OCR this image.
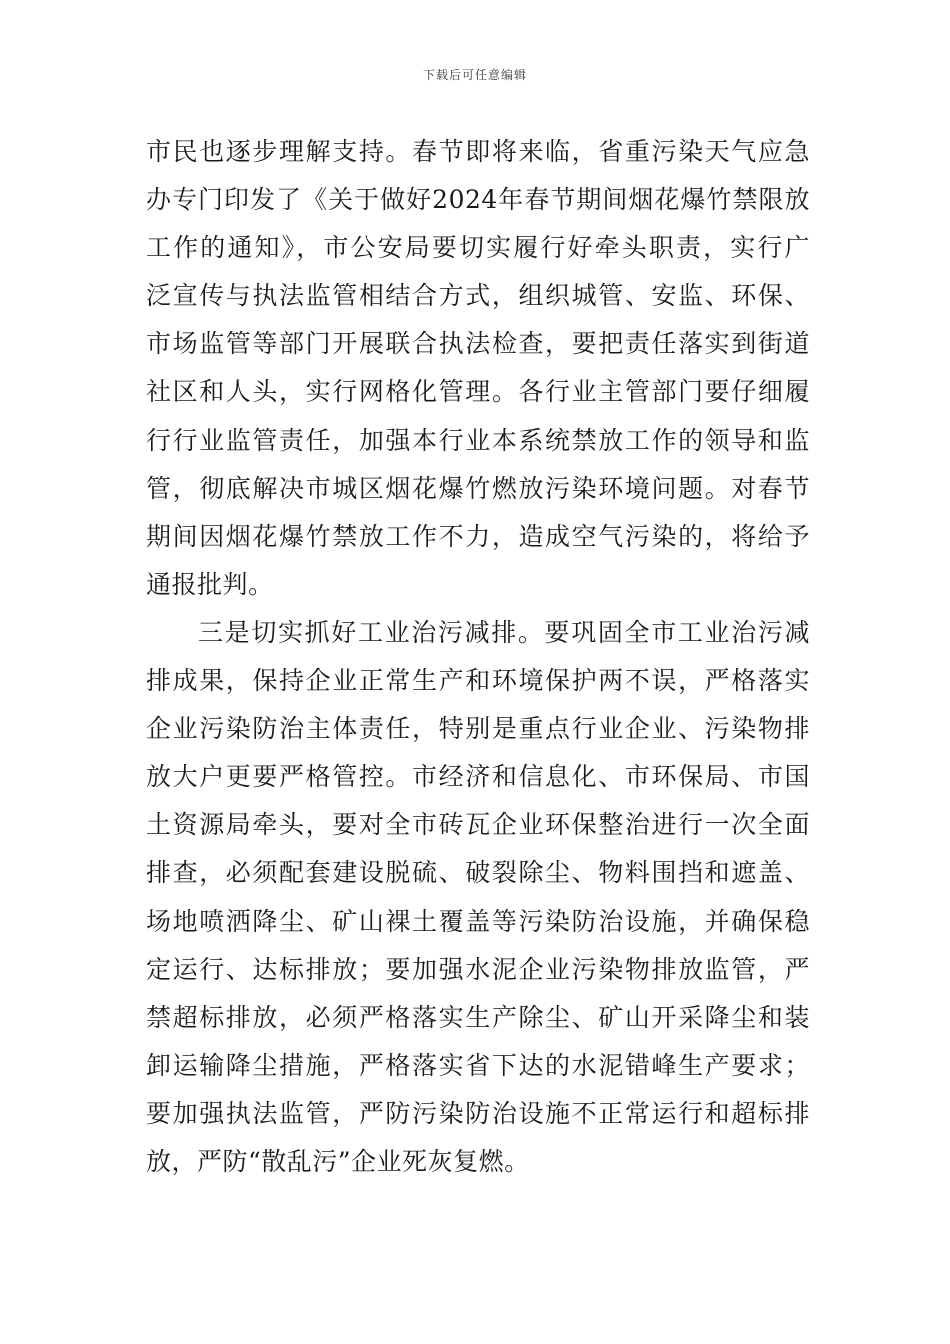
下载后可任意编辑
市民也逐步理解支持。春节即将来临，省重污染天气应急
办专门印发了《关于做好2024年春节期间烟花爆竹禁限放
工作的通知》，市公安局要切实履行好牵头职责，实行广
泛宣传与执法监管相结合方式，组织城管、安监、环保、
市场监管等部门开展联合执法检查，要把责任落实到街道
社区和人头，实行网格化管理。各行业主管部门要仔细履
行行业监管责任，加强本行业本系统禁放工作的领导和监
管，彻底解决市城区烟花爆竹燃放污染环境问题。对春节
期间因烟花爆竹禁放工作不力，造成空气污染的，将给予
通报批判。
三是切实抓好工业治污减排。要巩固全市工业治污减
排成果，保持企业正常生产和环境保护两不误，严格落实
企业污染防治主体责任，特别是重点行业企业、污染物排
放大户更要严格管控。市经济和信息化、市环保局、市国
土资源局牵头，要对全市砖瓦企业环保整治进行一次全面
排查，必须配套建设脱硫、破裂除尘、物料围挡和遮盖、
场地喷洒降尘、矿山裸土覆盖等污染防治设施，并确保稳
定运行、达标排放；要加强水泥企业污染物排放监管，严
禁超标排放，必须严格落实生产除尘、矿山开采降尘和装
卸运输降尘措施，严格落实省下达的水泥错峰生产要求；
要加强执法监管，严防污染防治设施不正常运行和超标排
放，严防“散乱污”企业死灰复燃。
